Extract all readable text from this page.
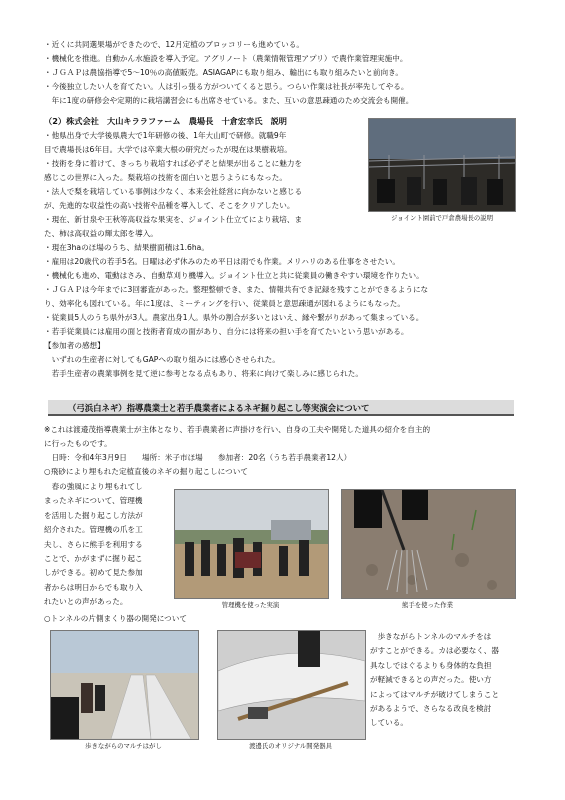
・近くに共同選果場ができたので、12月定植のブロッコリーも進めている。
・機械化を推進。自動かん水施設を導入予定。アグリノート（農業情報管理アプリ）で農作業管理実施中。
・ＪＧＡＰは農協指導で5～10％の高値販売。ASIAGAPにも取り組み、輸出にも取り組みたいと前向き。
・今後独立したい人を育てたい。人は引っ張る方がついてくると思う。つらい作業は社長が率先してやる。
　年に1度の研修会や定期的に栽培講習会にも出席させている。また、互いの意思疎通のため交流会も開催。
（2）株式会社　大山キララファーム　農場長　十倉宏幸氏　説明
・他県出身で大学後県農大で1年研修の後、1年大山町で研修。就職9年
目で農場長は6年目。大学では卒業大根の研究だったが現在は果樹栽培。
・技術を身に着けて、きっちり栽培すれば必ずそと結果が出ることに魅力を
感じこの世界に入った。梨栽培の技術を面白いと思うようにもなった。
・法人で梨を栽培している事例は少なく、本来会社経営に向かないと感じる
が、先進的な収益性の高い技術や品種を導入して、そこをクリアしたい。
・現在、新甘泉や王秋等高収益な果実を、ジョイント仕立てにより栽培、ま
た、柿は高収益の輝太郎を導入。
ジョイント園前で戸倉農場長の説明
・現在3haのほ場のうち、結果樹面積は1.6ha。
・雇用は20歳代の若手5名。日曜は必ず休みのため平日は雨でも作業。メリハリのある仕事をさせたい。
・機械化も進め、電動はさみ、自動草刈り機導入。ジョイント仕立と共に従業員の働きやすい環境を作りたい。
・ＪＧＡＰは今年までに3回審査があった。整理整頓でき、また、情報共有でき記録を残すことができるようにな
り、効率化も図れている。年に1度は、ミーティングを行い、従業員と意思疎通が図れるようにもなった。
・従業員5人のうち県外が3人。農家出身1人。県外の割合が多いとはいえ、縁や繋がりがあって集まっている。
・若手従業員には雇用の面と技術者育成の面があり、自分には将来の担い手を育てたいという思いがある。
【参加者の感想】
　いずれの生産者に対してもGAPへの取り組みには感心させられた。
　若手生産者の農業事例を見て逆に参考となる点もあり、将来に向けて楽しみに感じられた。
（弓浜白ネギ）指導農業士と若手農業者によるネギ掘り起こし等実演会について
※これは渡邉茂指導農業士が主体となり、若手農業者に声掛けを行い、自身の工夫や開発した道具の紹介を自主的
に行ったものです。
　日時：令和4年3月9日　　場所：米子市ほ場　　参加者：20名（うち若手農業者12人）
○飛砂により埋もれた定植直後のネギの掘り起こしについて
　春の強風により埋もれてし
まったネギについて、管理機
を活用した掘り起こし方法が
紹介された。管理機の爪を工
夫し、さらに熊手を利用する
ことで、かがまずに掘り起こ
しができる。初めて見た参加
者からは明日からでも取り入
れたいとの声があった。	管理機を使った実演	熊手を使った作業
○トンネルの片側まくり器の開発について
歩きながらのマルチはがし	渡邊氏のオリジナル開発器具
　歩きながらトンネルのマルチをは
がすことができる。カは必要なく、器
具なしではぐるよりも身体的な負担
が軽減できるとの声だった。使い方
によってはマルチが破けてしまうこと
があるようで、さらなる改良を検討
している。
